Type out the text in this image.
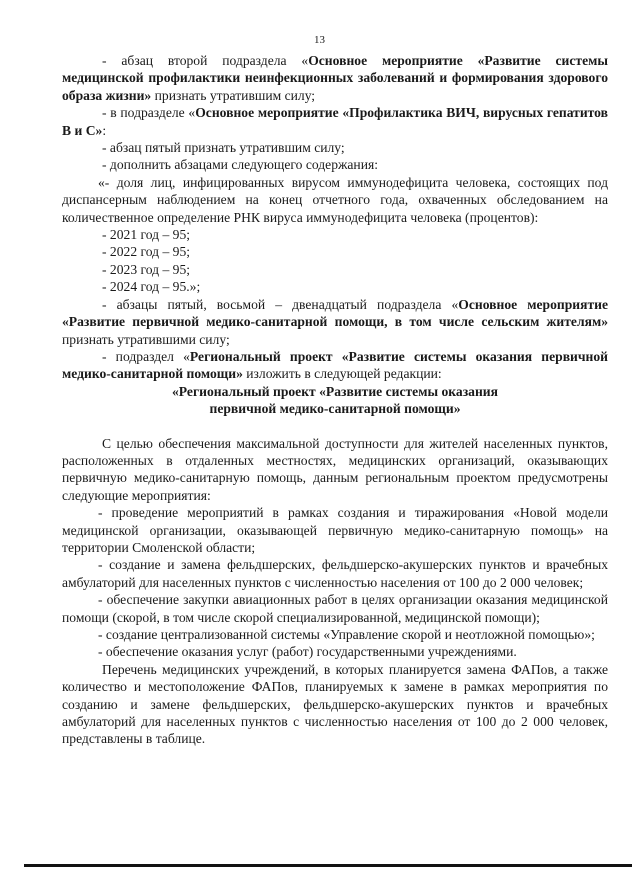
13

- абзац второй подраздела «Основное мероприятие «Развитие системы медицинской профилактики неинфекционных заболеваний и формирования здорового образа жизни» признать утратившим силу;

- в подразделе «Основное мероприятие «Профилактика ВИЧ, вирусных гепатитов В и С»:

- абзац пятый признать утратившим силу;

- дополнить абзацами следующего содержания:

«- доля лиц, инфицированных вирусом иммунодефицита человека, состоящих под диспансерным наблюдением на конец отчетного года, охваченных обследованием на количественное определение РНК вируса иммунодефицита человека (процентов):

- 2021 год – 95;

- 2022 год – 95;

- 2023 год – 95;

- 2024 год – 95.»;

- абзацы пятый, восьмой – двенадцатый подраздела «Основное мероприятие «Развитие первичной медико-санитарной помощи, в том числе сельским жителям» признать утратившими силу;

- подраздел «Региональный проект «Развитие системы оказания первичной медико-санитарной помощи» изложить в следующей редакции:

«Региональный проект «Развитие системы оказания
первичной медико-санитарной помощи»

С целью обеспечения максимальной доступности для жителей населенных пунктов, расположенных в отдаленных местностях, медицинских организаций, оказывающих первичную медико-санитарную помощь, данным региональным проектом предусмотрены следующие мероприятия:

- проведение мероприятий в рамках создания и тиражирования «Новой модели медицинской организации, оказывающей первичную медико-санитарную помощь» на территории Смоленской области;

- создание и замена фельдшерских, фельдшерско-акушерских пунктов и врачебных амбулаторий для населенных пунктов с численностью населения от 100 до 2 000 человек;

- обеспечение закупки авиационных работ в целях организации оказания медицинской помощи (скорой, в том числе скорой специализированной, медицинской помощи);

- создание централизованной системы «Управление скорой и неотложной помощью»;

- обеспечение оказания услуг (работ) государственными учреждениями.

Перечень медицинских учреждений, в которых планируется замена ФАПов, а также количество и местоположение ФАПов, планируемых к замене в рамках мероприятия по созданию и замене фельдшерских, фельдшерско-акушерских пунктов и врачебных амбулаторий для населенных пунктов с численностью населения от 100 до 2 000 человек, представлены в таблице.
